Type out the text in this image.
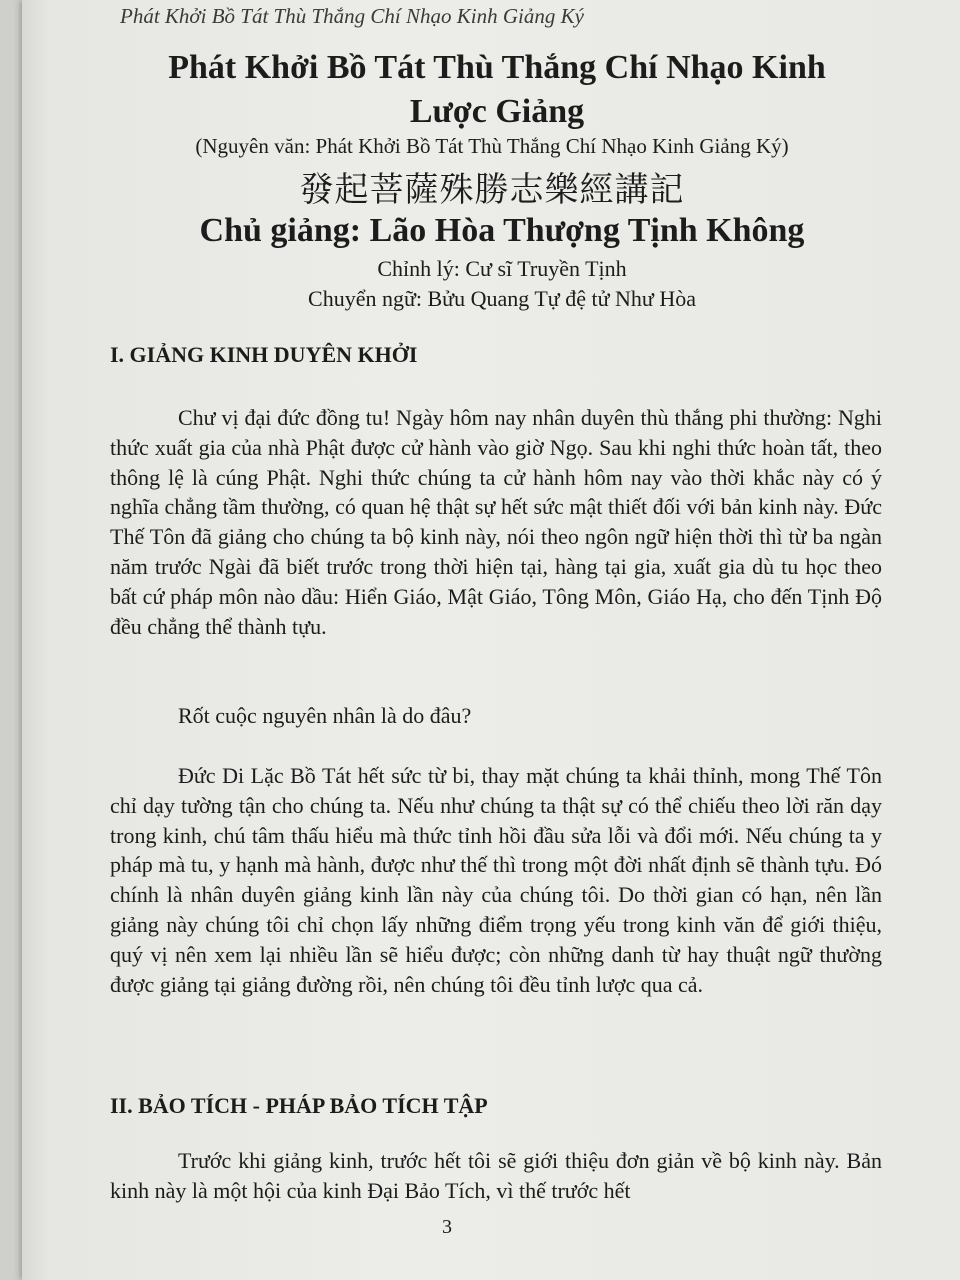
Phát Khởi Bồ Tát Thù Thắng Chí Nhạo Kinh Giảng Ký
Phát Khởi Bồ Tát Thù Thắng Chí Nhạo Kinh
Lược Giảng
(Nguyên văn: Phát Khởi Bồ Tát Thù Thắng Chí Nhạo Kinh Giảng Ký)
發起菩薩殊勝志樂經講記
Chủ giảng: Lão Hòa Thượng Tịnh Không
Chỉnh lý: Cư sĩ Truyền Tịnh
Chuyển ngữ: Bửu Quang Tự đệ tử Như Hòa
I. GIẢNG KINH DUYÊN KHỞI

Chư vị đại đức đồng tu! Ngày hôm nay nhân duyên thù thắng phi thường: Nghi thức xuất gia của nhà Phật được cử hành vào giờ Ngọ. Sau khi nghi thức hoàn tất, theo thông lệ là cúng Phật. Nghi thức chúng ta cử hành hôm nay vào thời khắc này có ý nghĩa chẳng tầm thường, có quan hệ thật sự hết sức mật thiết đối với bản kinh này. Đức Thế Tôn đã giảng cho chúng ta bộ kinh này, nói theo ngôn ngữ hiện thời thì từ ba ngàn năm trước Ngài đã biết trước trong thời hiện tại, hàng tại gia, xuất gia dù tu học theo bất cứ pháp môn nào dầu: Hiển Giáo, Mật Giáo, Tông Môn, Giáo Hạ, cho đến Tịnh Độ đều chẳng thể thành tựu.

Rốt cuộc nguyên nhân là do đâu?

Đức Di Lặc Bồ Tát hết sức từ bi, thay mặt chúng ta khải thỉnh, mong Thế Tôn chỉ dạy tường tận cho chúng ta. Nếu như chúng ta thật sự có thể chiếu theo lời răn dạy trong kinh, chú tâm thấu hiểu mà thức tỉnh hồi đầu sửa lỗi và đổi mới. Nếu chúng ta y pháp mà tu, y hạnh mà hành, được như thế thì trong một đời nhất định sẽ thành tựu. Đó chính là nhân duyên giảng kinh lần này của chúng tôi. Do thời gian có hạn, nên lần giảng này chúng tôi chỉ chọn lấy những điểm trọng yếu trong kinh văn để giới thiệu, quý vị nên xem lại nhiều lần sẽ hiểu được; còn những danh từ hay thuật ngữ thường được giảng tại giảng đường rồi, nên chúng tôi đều tỉnh lược qua cả.

II. BẢO TÍCH - PHÁP BẢO TÍCH TẬP

Trước khi giảng kinh, trước hết tôi sẽ giới thiệu đơn giản về bộ kinh này. Bản kinh này là một hội của kinh Đại Bảo Tích, vì thế trước hết

3
